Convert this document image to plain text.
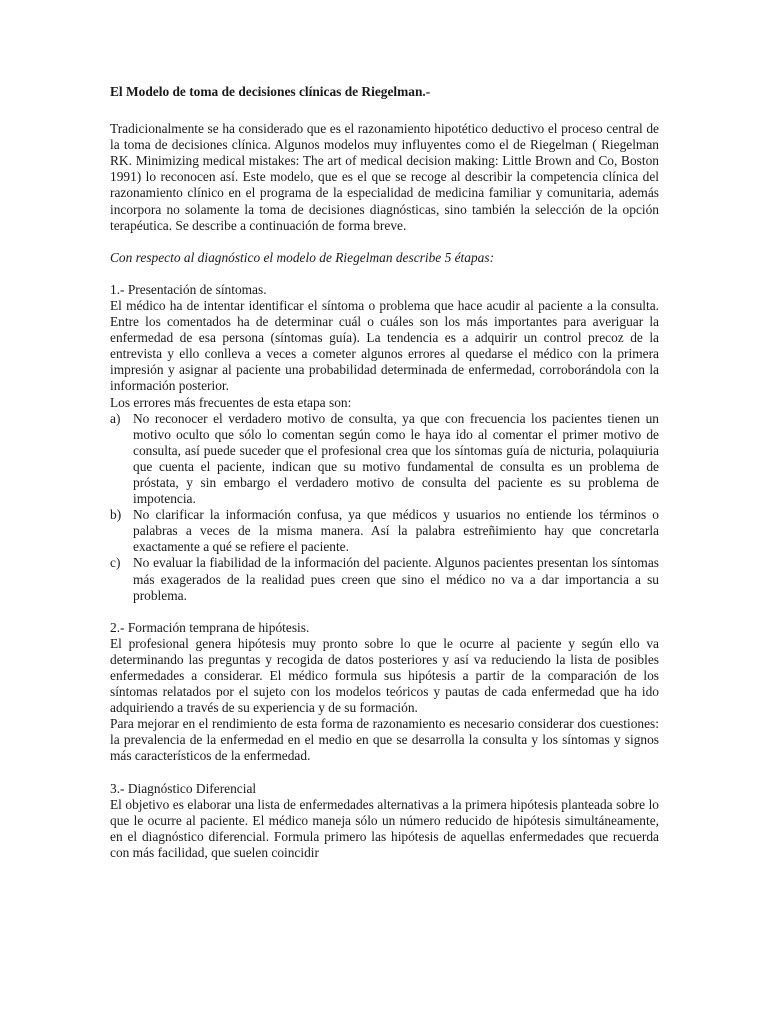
El Modelo de toma de decisiones clínicas de Riegelman.-

Tradicionalmente se ha considerado que es el razonamiento hipotético deductivo el proceso central de la toma de decisiones clínica. Algunos modelos muy influyentes como el de Riegelman ( Riegelman RK. Minimizing medical mistakes: The art of medical decision making: Little Brown and Co, Boston 1991) lo reconocen así. Este modelo, que es el que se recoge al describir la competencia clínica del razonamiento clínico en el programa de la especialidad de medicina familiar y comunitaria, además incorpora no solamente la toma de decisiones diagnósticas, sino también la selección de la opción terapéutica. Se describe a continuación de forma breve.

Con respecto al diagnóstico el modelo de Riegelman describe 5 étapas:

1.- Presentación de síntomas.

El médico ha de intentar identificar el síntoma o problema que hace acudir al paciente a la consulta. Entre los comentados ha de determinar cuál o cuáles son los más importantes para averiguar la enfermedad de esa persona (síntomas guía). La tendencia es a adquirir un control precoz de la entrevista y ello conlleva a veces a cometer algunos errores al quedarse el médico con la primera impresión y asignar al paciente una probabilidad determinada de enfermedad, corroborándola con la información posterior.

Los errores más frecuentes de esta etapa son:

a) No reconocer el verdadero motivo de consulta, ya que con frecuencia los pacientes tienen un motivo oculto que sólo lo comentan según como le haya ido al comentar el primer motivo de consulta, así puede suceder que el profesional crea que los síntomas guía de nicturia, polaquiuria que cuenta el paciente, indican que su motivo fundamental de consulta es un problema de próstata, y sin embargo el verdadero motivo de consulta del paciente es su problema de impotencia.
b) No clarificar la información confusa, ya que médicos y usuarios no entiende los términos o palabras a veces de la misma manera. Así la palabra estreñimiento hay que concretarla exactamente a qué se refiere el paciente.
c) No evaluar la fiabilidad de la información del paciente. Algunos pacientes presentan los síntomas más exagerados de la realidad pues creen que sino el médico no va a dar importancia a su problema.

2.- Formación temprana de hipótesis.

El profesional genera hipótesis muy pronto sobre lo que le ocurre al paciente y según ello va determinando las preguntas y recogida de datos posteriores y así va reduciendo la lista de posibles enfermedades a considerar. El médico formula sus hipótesis a partir de la comparación de los síntomas relatados por el sujeto con los modelos teóricos y pautas de cada enfermedad que ha ido adquiriendo a través de su experiencia y de su formación.

Para mejorar en el rendimiento de esta forma de razonamiento es necesario considerar dos cuestiones: la prevalencia de la enfermedad en el medio en que se desarrolla la consulta y los síntomas y signos más característicos de la enfermedad.

3.- Diagnóstico Diferencial

El objetivo es elaborar una lista de enfermedades alternativas a la primera hipótesis planteada sobre lo que le ocurre al paciente. El médico maneja sólo un número reducido de hipótesis simultáneamente, en el diagnóstico diferencial. Formula primero las hipótesis de aquellas enfermedades que recuerda con más facilidad, que suelen coincidir
